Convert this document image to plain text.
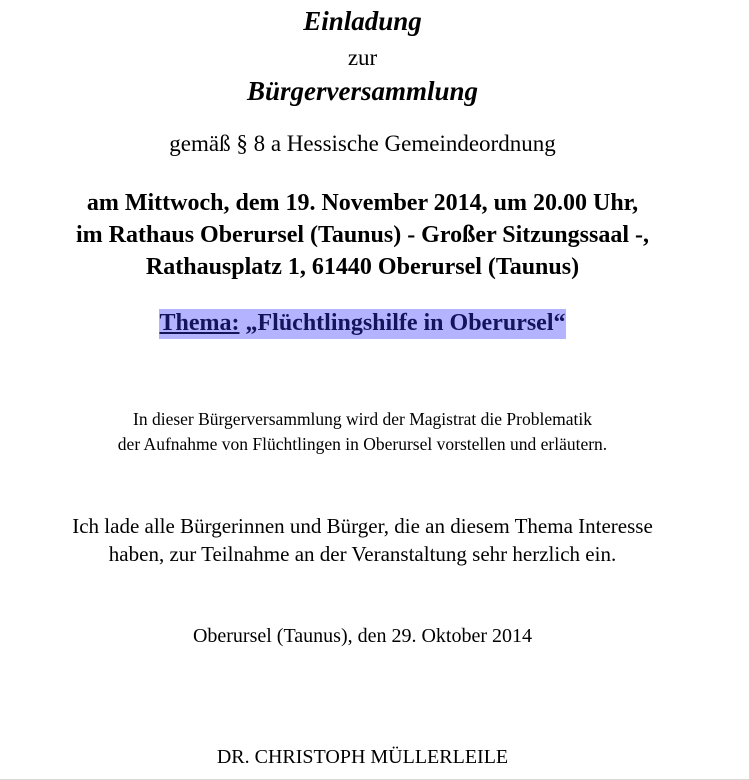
Einladung
zur
Bürgerversammlung
gemäß § 8 a Hessische Gemeindeordnung
am Mittwoch, dem 19. November 2014, um 20.00 Uhr,
im Rathaus Oberursel (Taunus) - Großer Sitzungssaal -,
Rathausplatz 1, 61440 Oberursel (Taunus)
Thema: „Flüchtlingshilfe in Oberursel“
In dieser Bürgerversammlung wird der Magistrat die Problematik
der Aufnahme von Flüchtlingen in Oberursel vorstellen und erläutern.
Ich lade alle Bürgerinnen und Bürger, die an diesem Thema Interesse
haben, zur Teilnahme an der Veranstaltung sehr herzlich ein.
Oberursel (Taunus), den 29. Oktober 2014
DR. CHRISTOPH MÜLLERLEILE
